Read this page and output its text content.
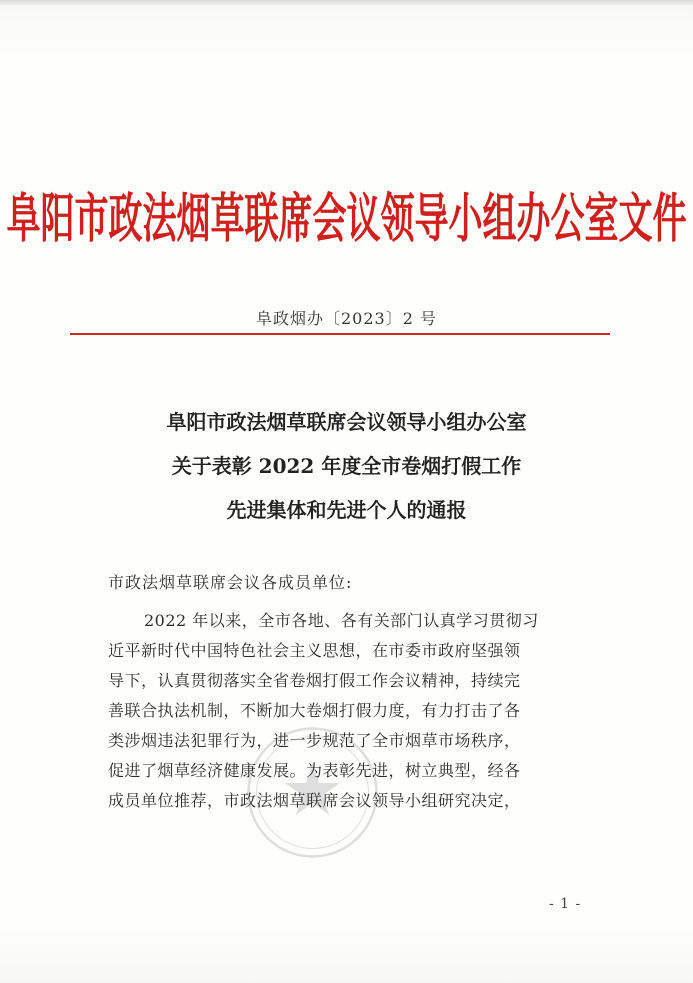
阜阳市政法烟草联席会议领导小组办公室文件
阜政烟办〔2023〕2 号
阜阳市政法烟草联席会议领导小组办公室
关于表彰 2022 年度全市卷烟打假工作
先进集体和先进个人的通报
市政法烟草联席会议各成员单位:
2022 年以来，全市各地、各有关部门认真学习贯彻习
近平新时代中国特色社会主义思想，在市委市政府坚强领
导下，认真贯彻落实全省卷烟打假工作会议精神，持续完
善联合执法机制，不断加大卷烟打假力度，有力打击了各
类涉烟违法犯罪行为，进一步规范了全市烟草市场秩序，
促进了烟草经济健康发展。为表彰先进，树立典型，经各
成员单位推荐，市政法烟草联席会议领导小组研究决定，
- 1 -
